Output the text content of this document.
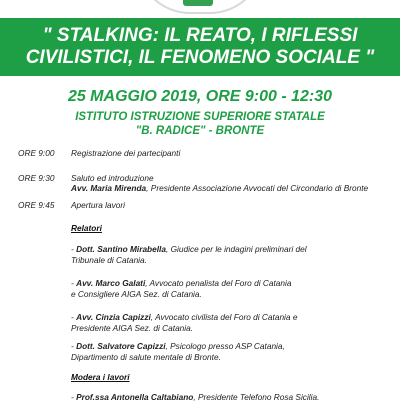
" STALKING: IL REATO, I RIFLESSI
CIVILISTICI, IL FENOMENO SOCIALE "
25 MAGGIO 2019, ORE 9:00 - 12:30
ISTITUTO ISTRUZIONE SUPERIORE STATALE
"B. RADICE" - BRONTE
ORE 9:00 Registrazione dei partecipanti
ORE 9:30 Saluto ed introduzione
Avv. Maria Mirenda, Presidente Associazione Avvocati del Circondario di Bronte
ORE 9:45 Apertura lavori
Relatori
- Dott. Santino Mirabella, Giudice per le indagini preliminari del
Tribunale di Catania.
- Avv. Marco Galati, Avvocato penalista del Foro di Catania
e Consigliere AIGA Sez. di Catania.
- Avv. Cinzia Capizzi, Avvocato civilista del Foro di Catania e
Presidente AIGA Sez. di Catania.
- Dott. Salvatore Capizzi, Psicologo presso ASP Catania,
Dipartimento di salute mentale di Bronte.
Modera i lavori
- Prof.ssa Antonella Caltabiano, Presidente Telefono Rosa Sicilia.
